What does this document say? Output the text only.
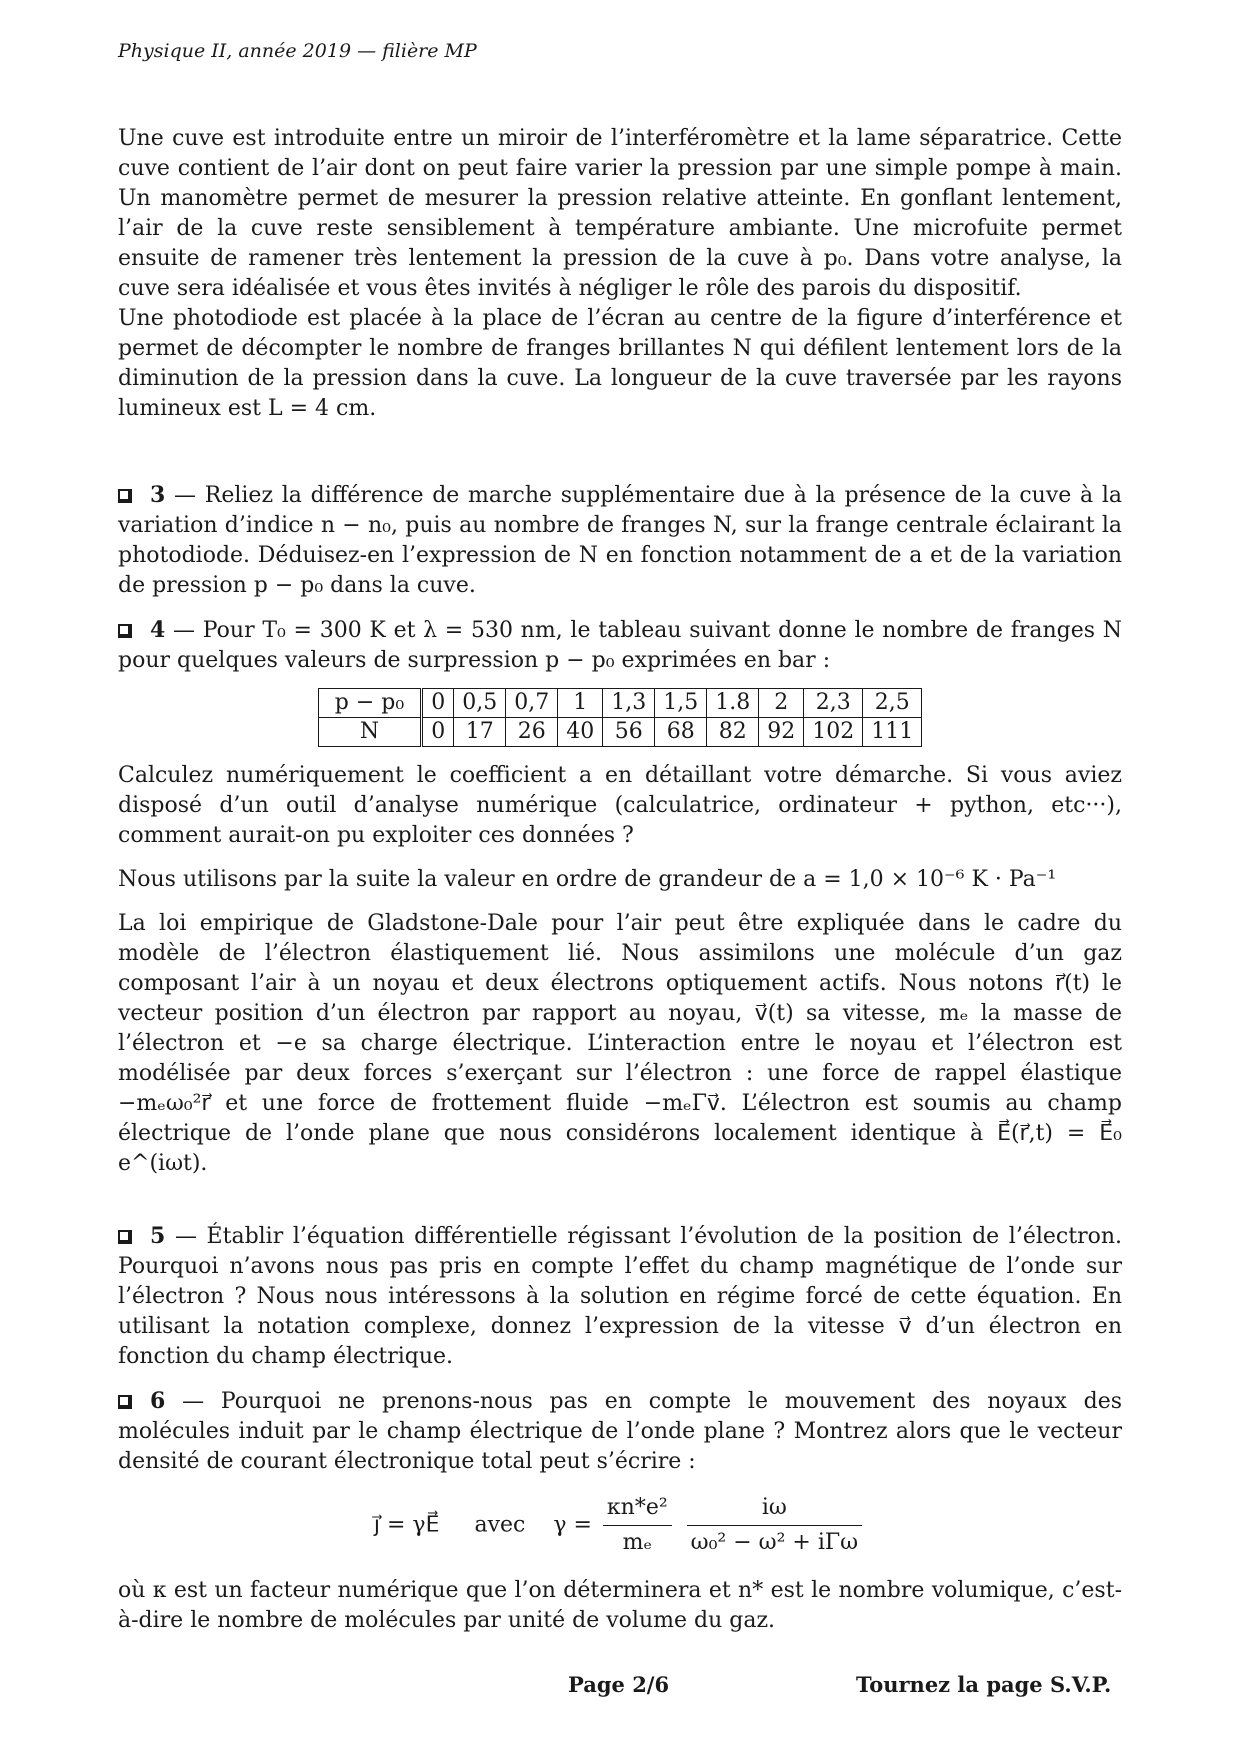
Physique II, année 2019 — filière MP

Une cuve est introduite entre un miroir de l’interféromètre et la lame séparatrice. Cette cuve contient de l’air dont on peut faire varier la pression par une simple pompe à main. Un manomètre permet de mesurer la pression relative atteinte. En gonflant lentement, l’air de la cuve reste sensiblement à température ambiante. Une microfuite permet ensuite de ramener très lentement la pression de la cuve à p₀. Dans votre analyse, la cuve sera idéalisée et vous êtes invités à négliger le rôle des parois du dispositif.

Une photodiode est placée à la place de l’écran au centre de la figure d’interférence et permet de décompter le nombre de franges brillantes N qui défilent lentement lors de la diminution de la pression dans la cuve. La longueur de la cuve traversée par les rayons lumineux est L = 4 cm.

3 — Reliez la différence de marche supplémentaire due à la présence de la cuve à la variation d’indice n − n₀, puis au nombre de franges N, sur la frange centrale éclairant la photodiode. Déduisez-en l’expression de N en fonction notamment de a et de la variation de pression p − p₀ dans la cuve.

4 — Pour T₀ = 300 K et λ = 530 nm, le tableau suivant donne le nombre de franges N pour quelques valeurs de surpression p − p₀ exprimées en bar :

p − p₀	0	0,5	0,7	1	1,3	1,5	1.8	2	2,3	2,5
N	0	17	26	40	56	68	82	92	102	111

Calculez numériquement le coefficient a en détaillant votre démarche. Si vous aviez disposé d’un outil d’analyse numérique (calculatrice, ordinateur + python, etc···), comment aurait-on pu exploiter ces données ?

Nous utilisons par la suite la valeur en ordre de grandeur de a = 1,0 × 10⁻⁶ K · Pa⁻¹

La loi empirique de Gladstone-Dale pour l’air peut être expliquée dans le cadre du modèle de l’électron élastiquement lié. Nous assimilons une molécule d’un gaz composant l’air à un noyau et deux électrons optiquement actifs. Nous notons r⃗(t) le vecteur position d’un électron par rapport au noyau, v⃗(t) sa vitesse, mₑ la masse de l’électron et −e sa charge électrique. L’interaction entre le noyau et l’électron est modélisée par deux forces s’exerçant sur l’électron : une force de rappel élastique −mₑω₀²r⃗ et une force de frottement fluide −mₑΓv⃗. L’électron est soumis au champ électrique de l’onde plane que nous considérons localement identique à E⃗(r⃗,t) = E⃗₀ e^(iωt).

5 — Établir l’équation différentielle régissant l’évolution de la position de l’électron. Pourquoi n’avons nous pas pris en compte l’effet du champ magnétique de l’onde sur l’électron ? Nous nous intéressons à la solution en régime forcé de cette équation. En utilisant la notation complexe, donnez l’expression de la vitesse v⃗ d’un électron en fonction du champ électrique.

6 — Pourquoi ne prenons-nous pas en compte le mouvement des noyaux des molécules induit par le champ électrique de l’onde plane ? Montrez alors que le vecteur densité de courant électronique total peut s’écrire :

j⃗ = γE⃗ avec $\gamma = \frac{\text{κn*e²}}{\text{mₑ}}$
$\frac{i\omega}{\text{ω₀² − ω² + iΓω}}$

où κ est un facteur numérique que l’on déterminera et n* est le nombre volumique, c’est-à-dire le nombre de molécules par unité de volume du gaz.

Page 2/6	Tournez la page S.V.P.
